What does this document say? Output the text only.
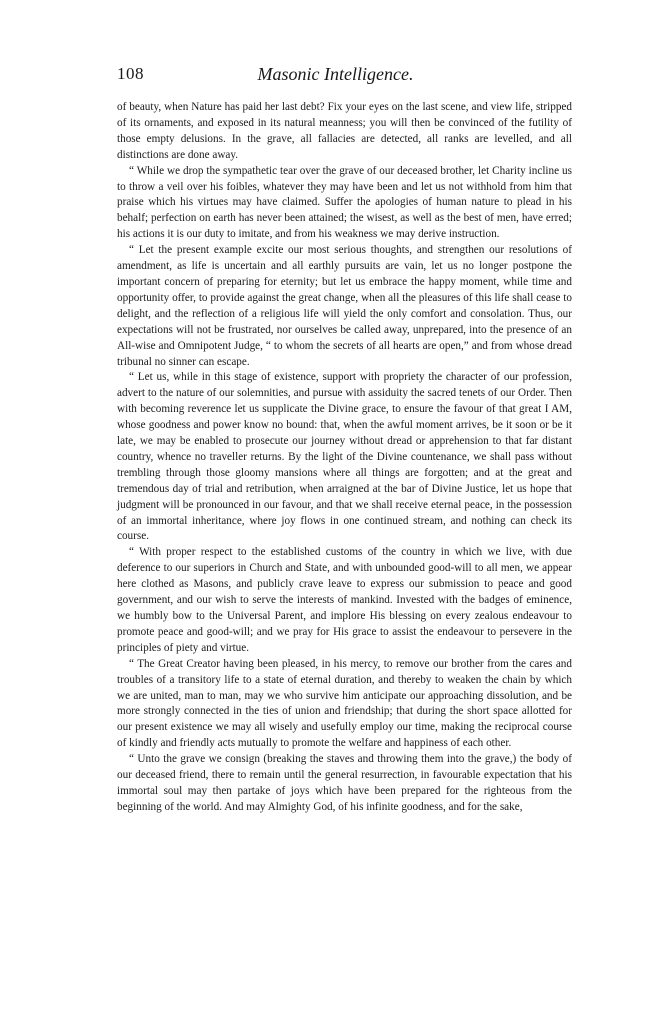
108	Masonic Intelligence.

of beauty, when Nature has paid her last debt? Fix your eyes on the last scene, and view life, stripped of its ornaments, and exposed in its natural meanness; you will then be convinced of the futility of those empty delusions. In the grave, all fallacies are detected, all ranks are levelled, and all distinctions are done away.

“ While we drop the sympathetic tear over the grave of our deceased brother, let Charity incline us to throw a veil over his foibles, whatever they may have been and let us not withhold from him that praise which his virtues may have claimed. Suffer the apologies of human nature to plead in his behalf; perfection on earth has never been attained; the wisest, as well as the best of men, have erred; his actions it is our duty to imitate, and from his weakness we may derive instruction.

“ Let the present example excite our most serious thoughts, and strengthen our resolutions of amendment, as life is uncertain and all earthly pursuits are vain, let us no longer postpone the important concern of preparing for eternity; but let us embrace the happy moment, while time and opportunity offer, to provide against the great change, when all the pleasures of this life shall cease to delight, and the reflection of a religious life will yield the only comfort and consolation. Thus, our expectations will not be frustrated, nor ourselves be called away, unprepared, into the presence of an All-wise and Omnipotent Judge, “ to whom the secrets of all hearts are open,” and from whose dread tribunal no sinner can escape.

“ Let us, while in this stage of existence, support with propriety the character of our profession, advert to the nature of our solemnities, and pursue with assiduity the sacred tenets of our Order. Then with becoming reverence let us supplicate the Divine grace, to ensure the favour of that great I AM, whose goodness and power know no bound: that, when the awful moment arrives, be it soon or be it late, we may be enabled to prosecute our journey without dread or apprehension to that far distant country, whence no traveller returns. By the light of the Divine countenance, we shall pass without trembling through those gloomy mansions where all things are forgotten; and at the great and tremendous day of trial and retribution, when arraigned at the bar of Divine Justice, let us hope that judgment will be pronounced in our favour, and that we shall receive eternal peace, in the possession of an immortal inheritance, where joy flows in one continued stream, and nothing can check its course.

“ With proper respect to the established customs of the country in which we live, with due deference to our superiors in Church and State, and with unbounded good-will to all men, we appear here clothed as Masons, and publicly crave leave to express our submission to peace and good government, and our wish to serve the interests of mankind. Invested with the badges of eminence, we humbly bow to the Universal Parent, and implore His blessing on every zealous endeavour to promote peace and good-will; and we pray for His grace to assist the endeavour to persevere in the principles of piety and virtue.

“ The Great Creator having been pleased, in his mercy, to remove our brother from the cares and troubles of a transitory life to a state of eternal duration, and thereby to weaken the chain by which we are united, man to man, may we who survive him anticipate our approaching dissolution, and be more strongly connected in the ties of union and friendship; that during the short space allotted for our present existence we may all wisely and usefully employ our time, making the reciprocal course of kindly and friendly acts mutually to promote the welfare and happiness of each other.

“ Unto the grave we consign (breaking the staves and throwing them into the grave,) the body of our deceased friend, there to remain until the general resurrection, in favourable expectation that his immortal soul may then partake of joys which have been prepared for the righteous from the beginning of the world. And may Almighty God, of his infinite goodness, and for the sake,
